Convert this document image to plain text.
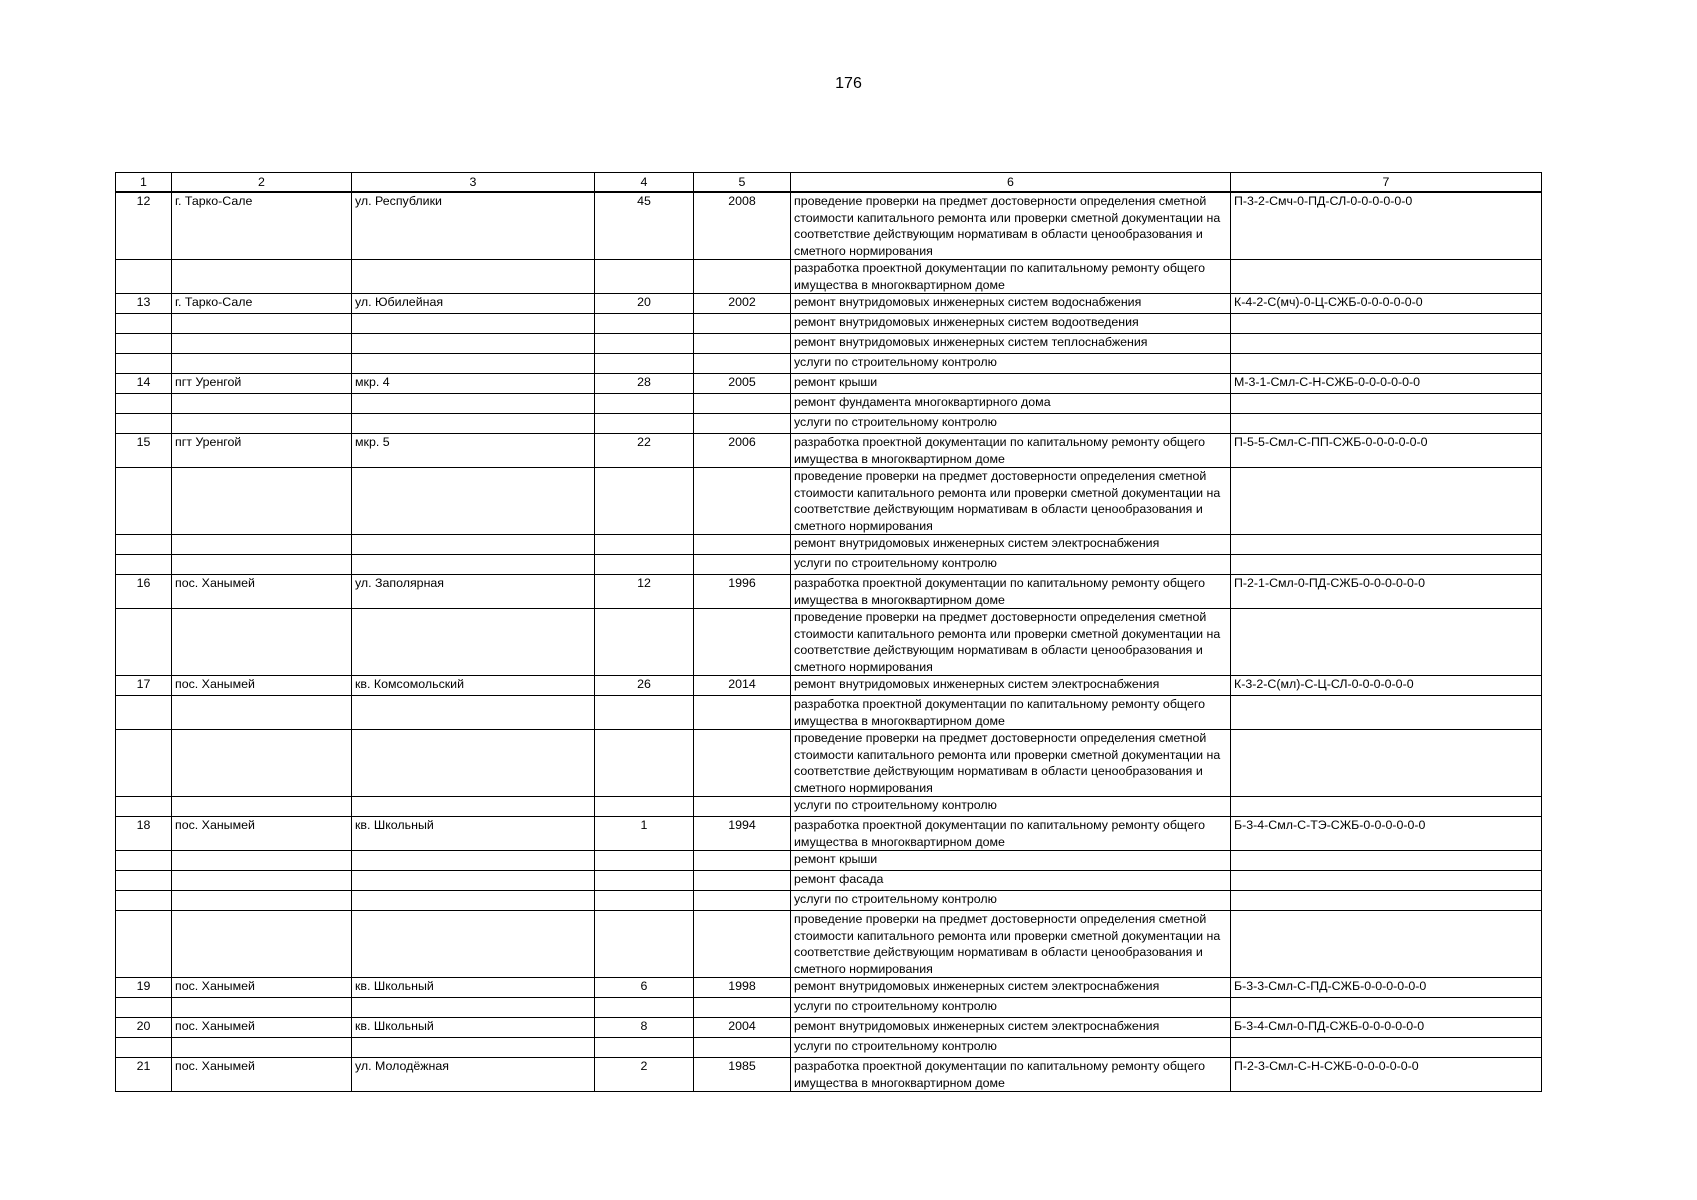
176
1	2	3	4	5	6	7
12	г. Тарко-Сале	ул. Республики	45	2008	проведение проверки на предмет достоверности определения сметной стоимости капитального ремонта или проверки сметной документации на соответствие действующим нормативам в области ценообразования и сметного нормирования	П-3-2-Смч-0-ПД-СЛ-0-0-0-0-0-0
					разработка проектной документации по капитальному ремонту общего имущества в многоквартирном доме	
13	г. Тарко-Сале	ул. Юбилейная	20	2002	ремонт внутридомовых инженерных систем водоснабжения	К-4-2-С(мч)-0-Ц-СЖБ-0-0-0-0-0-0
					ремонт внутридомовых инженерных систем водоотведения	
					ремонт внутридомовых инженерных систем теплоснабжения	
					услуги по строительному контролю	
14	пгт Уренгой	мкр. 4	28	2005	ремонт крыши	М-3-1-Смл-С-Н-СЖБ-0-0-0-0-0-0
					ремонт фундамента многоквартирного дома	
					услуги по строительному контролю	
15	пгт Уренгой	мкр. 5	22	2006	разработка проектной документации по капитальному ремонту общего имущества в многоквартирном доме	П-5-5-Смл-С-ПП-СЖБ-0-0-0-0-0-0
					проведение проверки на предмет достоверности определения сметной стоимости капитального ремонта или проверки сметной документации на соответствие действующим нормативам в области ценообразования и сметного нормирования	
					ремонт внутридомовых инженерных систем электроснабжения	
					услуги по строительному контролю	
16	пос. Ханымей	ул. Заполярная	12	1996	разработка проектной документации по капитальному ремонту общего имущества в многоквартирном доме	П-2-1-Смл-0-ПД-СЖБ-0-0-0-0-0-0
					проведение проверки на предмет достоверности определения сметной стоимости капитального ремонта или проверки сметной документации на соответствие действующим нормативам в области ценообразования и сметного нормирования	
17	пос. Ханымей	кв. Комсомольский	26	2014	ремонт внутридомовых инженерных систем электроснабжения	К-3-2-С(мл)-С-Ц-СЛ-0-0-0-0-0-0
					разработка проектной документации по капитальному ремонту общего имущества в многоквартирном доме	
					проведение проверки на предмет достоверности определения сметной стоимости капитального ремонта или проверки сметной документации на соответствие действующим нормативам в области ценообразования и сметного нормирования	
					услуги по строительному контролю	
18	пос. Ханымей	кв. Школьный	1	1994	разработка проектной документации по капитальному ремонту общего имущества в многоквартирном доме	Б-3-4-Смл-С-ТЭ-СЖБ-0-0-0-0-0-0
					ремонт крыши	
					ремонт фасада	
					услуги по строительному контролю	
					проведение проверки на предмет достоверности определения сметной стоимости капитального ремонта или проверки сметной документации на соответствие действующим нормативам в области ценообразования и сметного нормирования	
19	пос. Ханымей	кв. Школьный	6	1998	ремонт внутридомовых инженерных систем электроснабжения	Б-3-3-Смл-С-ПД-СЖБ-0-0-0-0-0-0
					услуги по строительному контролю	
20	пос. Ханымей	кв. Школьный	8	2004	ремонт внутридомовых инженерных систем электроснабжения	Б-3-4-Смл-0-ПД-СЖБ-0-0-0-0-0-0
					услуги по строительному контролю	
21	пос. Ханымей	ул. Молодёжная	2	1985	разработка проектной документации по капитальному ремонту общего имущества в многоквартирном доме	П-2-3-Смл-С-Н-СЖБ-0-0-0-0-0-0
